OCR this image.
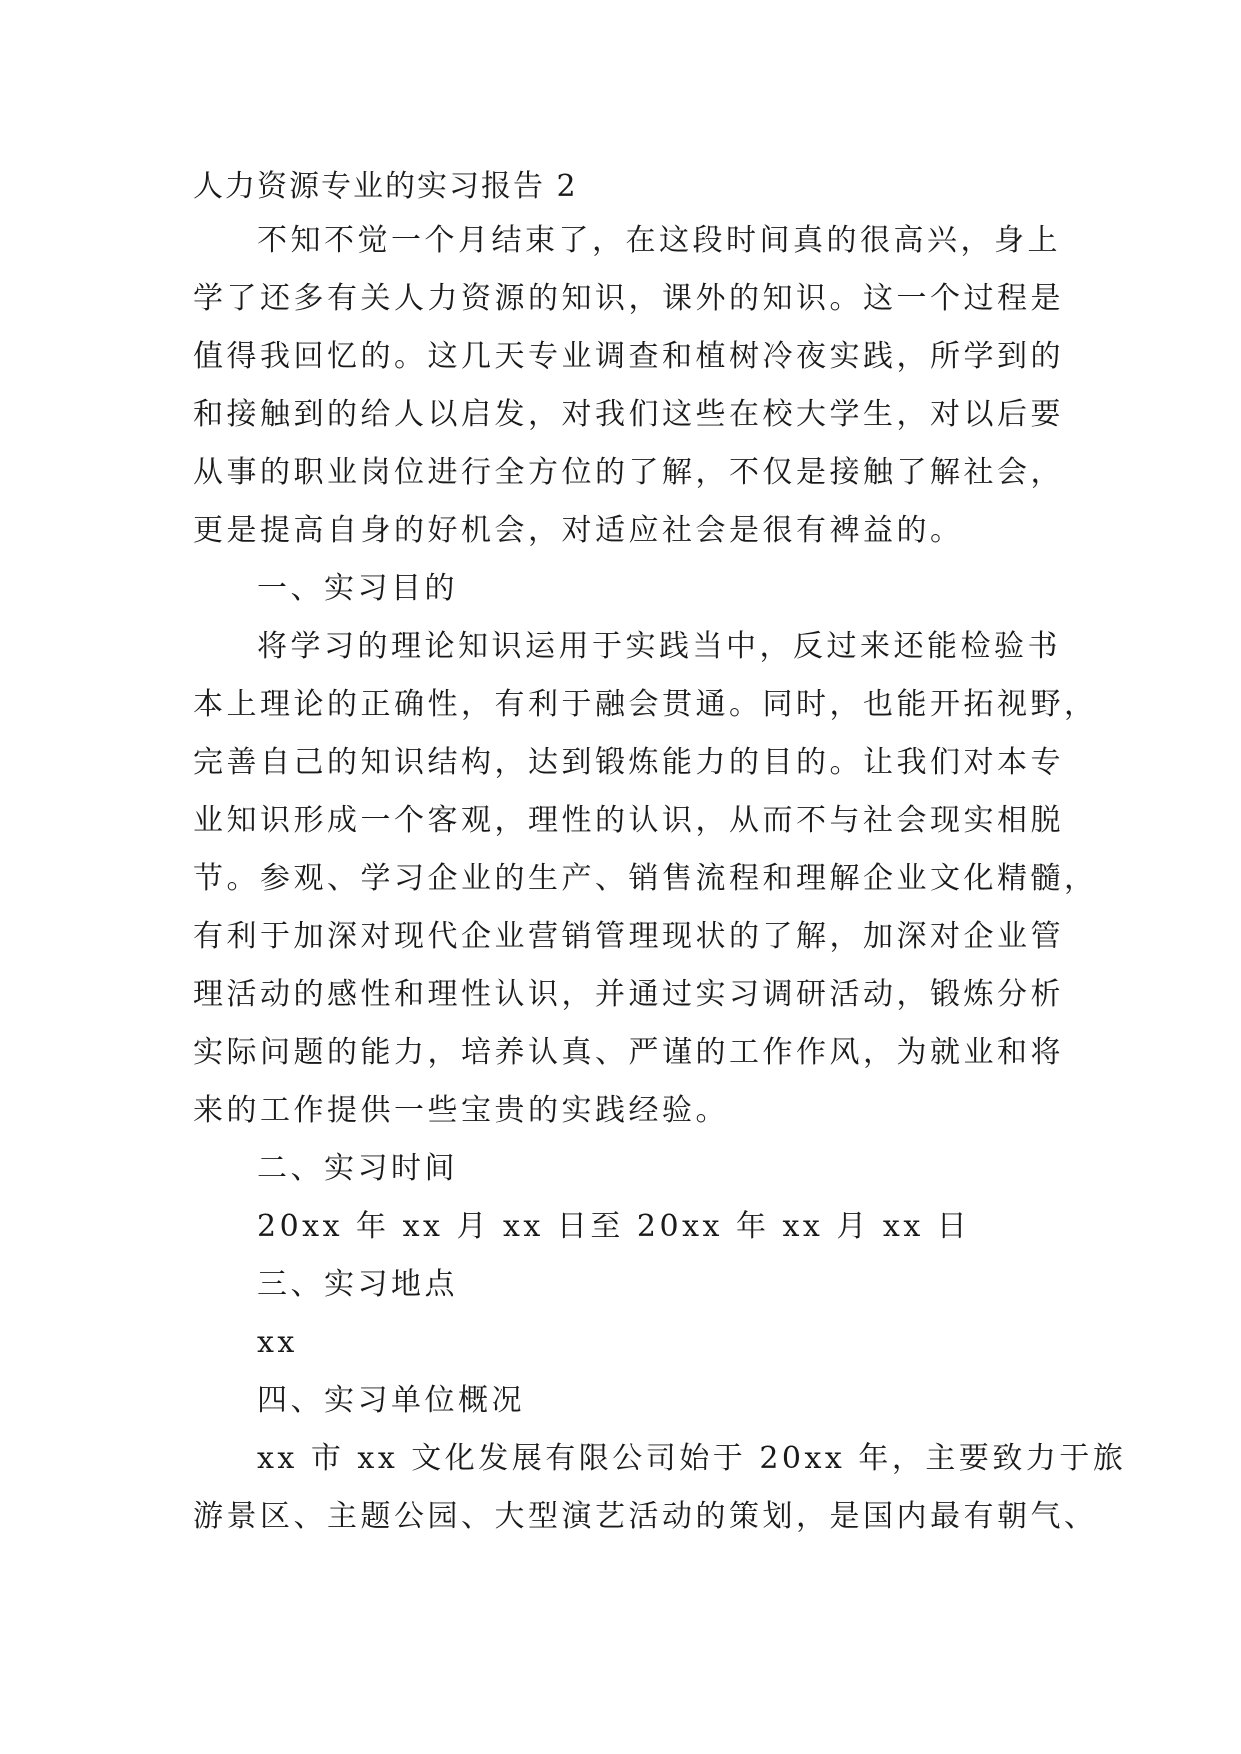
人力资源专业的实习报告 2
不知不觉一个月结束了，在这段时间真的很高兴，身上
学了还多有关人力资源的知识，课外的知识。这一个过程是
值得我回忆的。这几天专业调查和植树冷夜实践，所学到的
和接触到的给人以启发，对我们这些在校大学生，对以后要
从事的职业岗位进行全方位的了解，不仅是接触了解社会，
更是提高自身的好机会，对适应社会是很有裨益的。
一、实习目的
将学习的理论知识运用于实践当中，反过来还能检验书
本上理论的正确性，有利于融会贯通。同时，也能开拓视野，
完善自己的知识结构，达到锻炼能力的目的。让我们对本专
业知识形成一个客观，理性的认识，从而不与社会现实相脱
节。参观、学习企业的生产、销售流程和理解企业文化精髓，
有利于加深对现代企业营销管理现状的了解，加深对企业管
理活动的感性和理性认识，并通过实习调研活动，锻炼分析
实际问题的能力，培养认真、严谨的工作作风，为就业和将
来的工作提供一些宝贵的实践经验。
二、实习时间
20xx 年 xx 月 xx 日至 20xx 年 xx 月 xx 日
三、实习地点
xx
四、实习单位概况
xx 市 xx 文化发展有限公司始于 20xx 年，主要致力于旅
游景区、主题公园、大型演艺活动的策划，是国内最有朝气、
